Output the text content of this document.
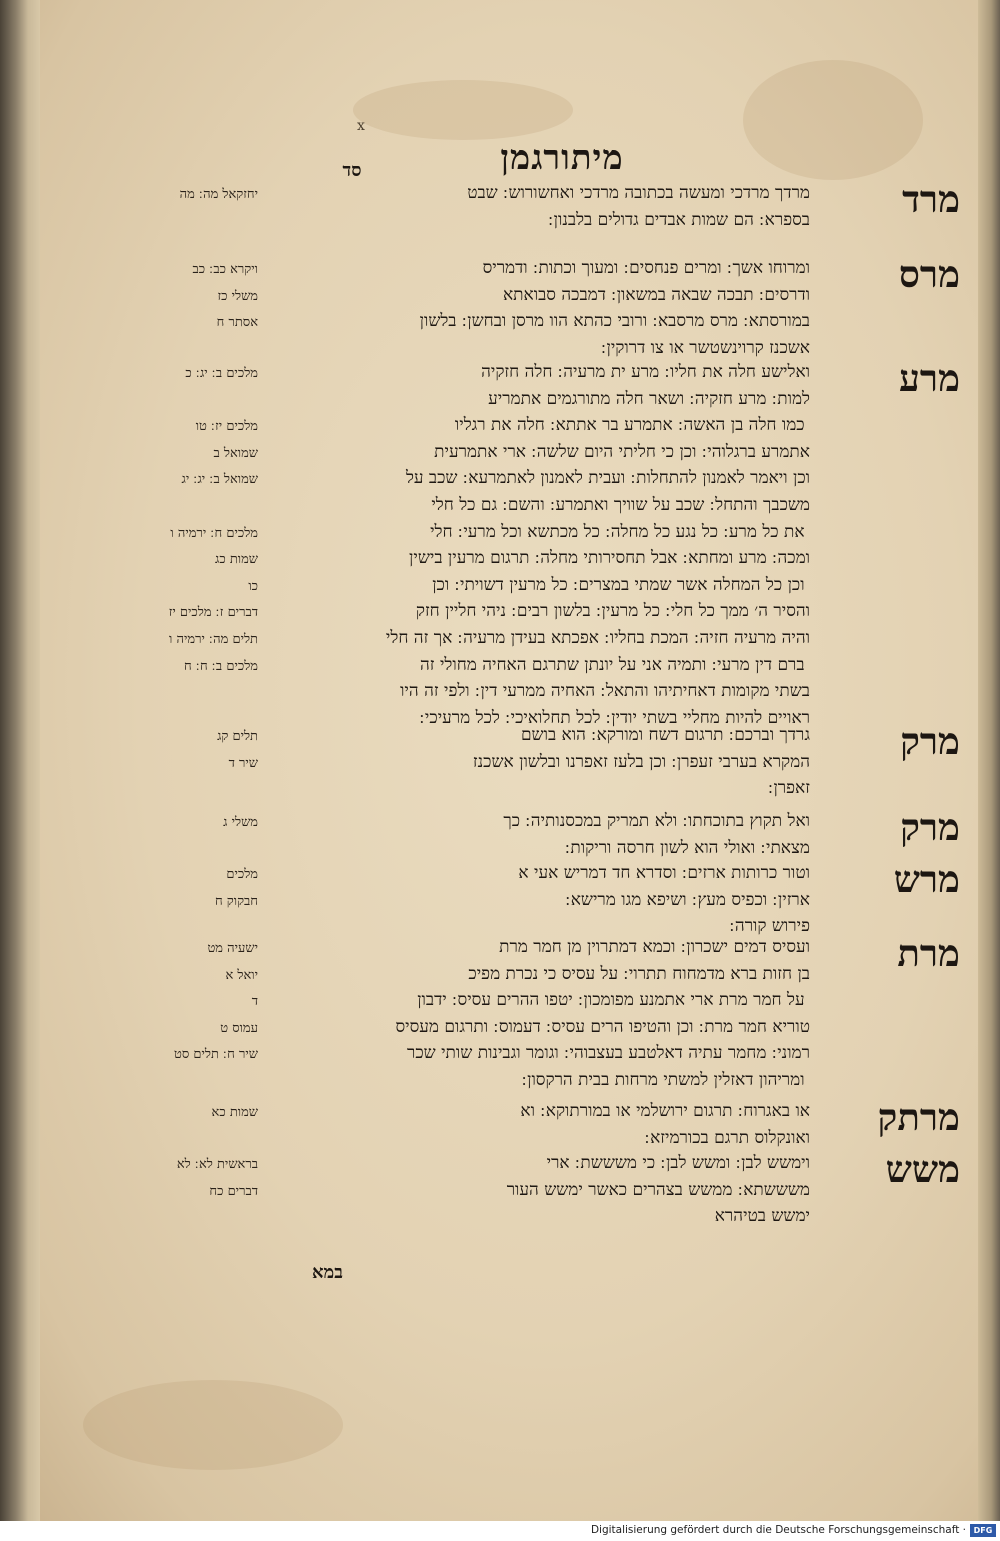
x
מיתורגמן
סד
מרד
מרדך מרדכי ומעשה בכתובה מרדכי ואחשורוש ׃ שבט
בספרא ׃ הם שמות אבדים גדולים בלבנון ׃
יחזקאל מה ׃ מה

מרס
ומרוחו אשך ׃ ומרים פנחסים ׃ ומעוך וכתות ׃ ודמריס
ודרסים ׃ תבכה שבאה במשאון ׃ דמבכה סבואתא
במורסתא ׃ מרס מרסבא ׃ ורובי כהתא הוו מרסן ובחשן ׃ בלשון
אשכנז קרוינשטשר או צו דרוקין ׃
ויקרא כב ׃ כב
משלי כז
אסתר ח

מרע
ואלישע חלה את חליו ׃ מרע ית מרעיה ׃ חלה חזקיה
למות ׃ מרע חזקיה ׃ ושאר חלה מתורגמים אתמריע
׃ כמו חלה בן האשה ׃ אתמרע בר אתתא ׃ חלה את רגליו
אתמרע ברגלוהי ׃ וכן כי חליתי היום שלשה ׃ ארי אתמרעית
וכן ויאמר לאמנון להתחלות ׃ ועבית לאמנון לאתמרעא ׃ שכב על
משכבך והתחל ׃ שכב על שוויך ואתמרע ׃ והשם ׃ גם כל חלי
׃ את כל מרע ׃ כל נגע כל מחלה ׃ כל מכתשא וכל מרעי ׃ חלי
ומכה ׃ מרע ומחתא ׃ אבל תחסירותי מחלה ׃ תרגום מרעין בישין
׃ וכן כל המחלה אשר שמתי במצרים ׃ כל מרעין דשויתי ׃ וכן
והסיר ה׳ ממך כל חלי ׃ כל מרעין ׃ בלשון רבים ׃ ניהי חליין חזק
והיה מרעיה חזיה ׃ המכת בחליו ׃ אפכתא בעידן מרעיה ׃ אך זה חלי
׃ ברם דין מרעי ׃ ותמיה אני על יונתן שתרגם האחיה מחולי זה
בשתי מקומות דאחיתיהו והתאל ׃ האחיה ממרעי דין ׃ ולפי זה היו
ראויים להיות מחליי בשתי יודין ׃ לכל תחלואיכי ׃ לכל מרעיכי ׃
מלכים ב ׃ יג ׃ כ

מלכים יז ׃ טו
שמואל ב
שמואל ב ׃ יג ׃ יג

מלכים ח ׃ ירמיה ו
שמות כג
כו
דברים ז ׃ מלכים יז
תלים מה ׃ ירמיה ו
מלכים ב ׃ ח ׃ ח

מרק
גרדך וברכם ׃ תרגום דשח ומורקא ׃ הוא בושם
המקרא בערבי זעפרן ׃ וכן בלעז זאפרנו ובלשון אשכנז
זאפרן ׃
תלים קג
שיר ד

מרק
ואל תקוץ בתוכחתו ׃ ולא תמריק במכסנותיה ׃ כך
מצאתי ׃ ואולי הוא לשון חרסה וריקות ׃
משלי ג

מרש
וטור כרותות ארזים ׃ וסדרא חד דמריש אעי א
ארזין ׃ וכפיס מעץ ׃ ושיפא מגו מרישא ׃
פירוש קורה ׃
מלכים
חבקוק ח

מרת
ועסיס דמים ישכרון ׃ וכמא דמתרוין מן חמר מרת
בן חזות ברא מדמחוח תתרוי ׃ על עסיס כי נכרת מפיכ
׃ על חמר מרת ארי אתמנע מפומכון ׃ יטפו ההרים עסיס ׃ ידבון
טוריא חמר מרת ׃ וכן והטיפו הרים עסיס ׃ דעמוס ׃ ותרגום מעסיס
רמוני ׃ מחמר עתיה דאלטבע בעצבוהי ׃ וגומר וגבינות שותי שכר
׃ ומריהון דאזלין למשתי מרחות בבית הרקסון ׃
ישעיה מט
יואל א
ד
עמוס ט
שיר ח ׃ תלים סט

מרתק
או באגרוח ׃ תרגום ירושלמי או במורתוקא ׃ וא
ואונקלוס תרגם בכורמיזא ׃
שמות כא

משש
וימשש לבן ׃ ומשש לבן ׃ כי משששת ׃ ארי
משששתא ׃ ממשש בצהרים כאשר ימשש העור
ימשש בטיהרא
בראשית לא ׃ לא
דברים כח

במא
Digitalisierung gefördert durch die Deutsche Forschungsgemeinschaft · DFG
